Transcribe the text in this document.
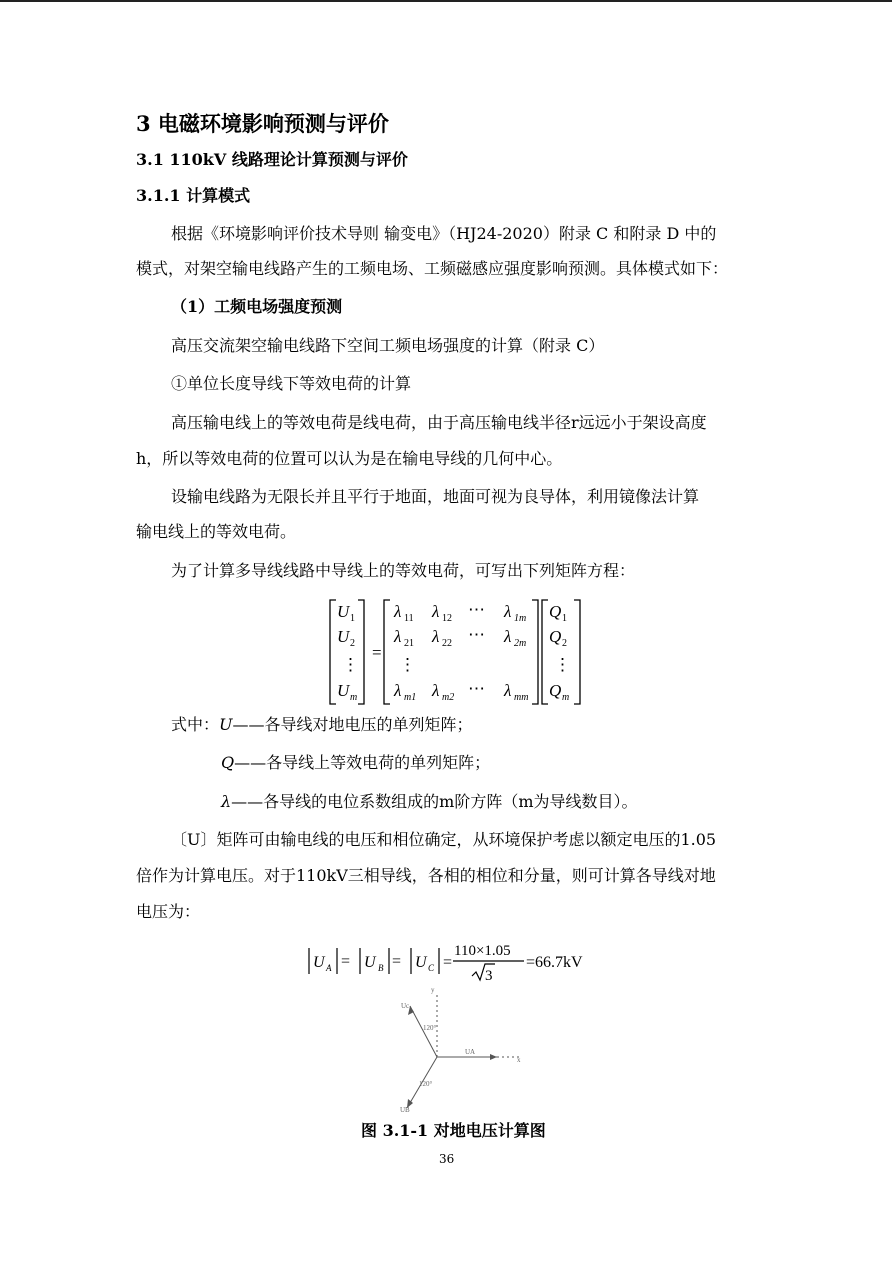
3 电磁环境影响预测与评价
3.1 110kV 线路理论计算预测与评价
3.1.1 计算模式
根据《环境影响评价技术导则 输变电》（HJ24-2020）附录 C 和附录 D 中的
模式，对架空输电线路产生的工频电场、工频磁感应强度影响预测。具体模式如下：
（1）工频电场强度预测
高压交流架空输电线路下空间工频电场强度的计算（附录 C）
①单位长度导线下等效电荷的计算
高压输电线上的等效电荷是线电荷，由于高压输电线半径r远远小于架设高度
h，所以等效电荷的位置可以认为是在输电导线的几何中心。
设输电线路为无限长并且平行于地面，地面可视为良导体，利用镜像法计算
输电线上的等效电荷。
为了计算多导线线路中导线上的等效电荷，可写出下列矩阵方程：
U 1
U 2
⋮
U m
=
λ 11 λ 12 ⋯ λ 1m
λ 21 λ 22 ⋯ λ 2m
⋮
λ m1 λ m2 ⋯ λ mm
Q 1
Q 2
⋮
Q m
式中：U——各导线对地电压的单列矩阵；
Q——各导线上等效电荷的单列矩阵；
λ——各导线的电位系数组成的m阶方阵（m为导线数目）。
〔U〕矩阵可由输电线的电压和相位确定，从环境保护考虑以额定电压的1.05
倍作为计算电压。对于110kV三相导线，各相的相位和分量，则可计算各导线对地
电压为：
U A = U B = U C =
110×1.05
3
=66.7kV
Uc
UB
UA
120°
120°
x
y
图 3.1-1 对地电压计算图
36
